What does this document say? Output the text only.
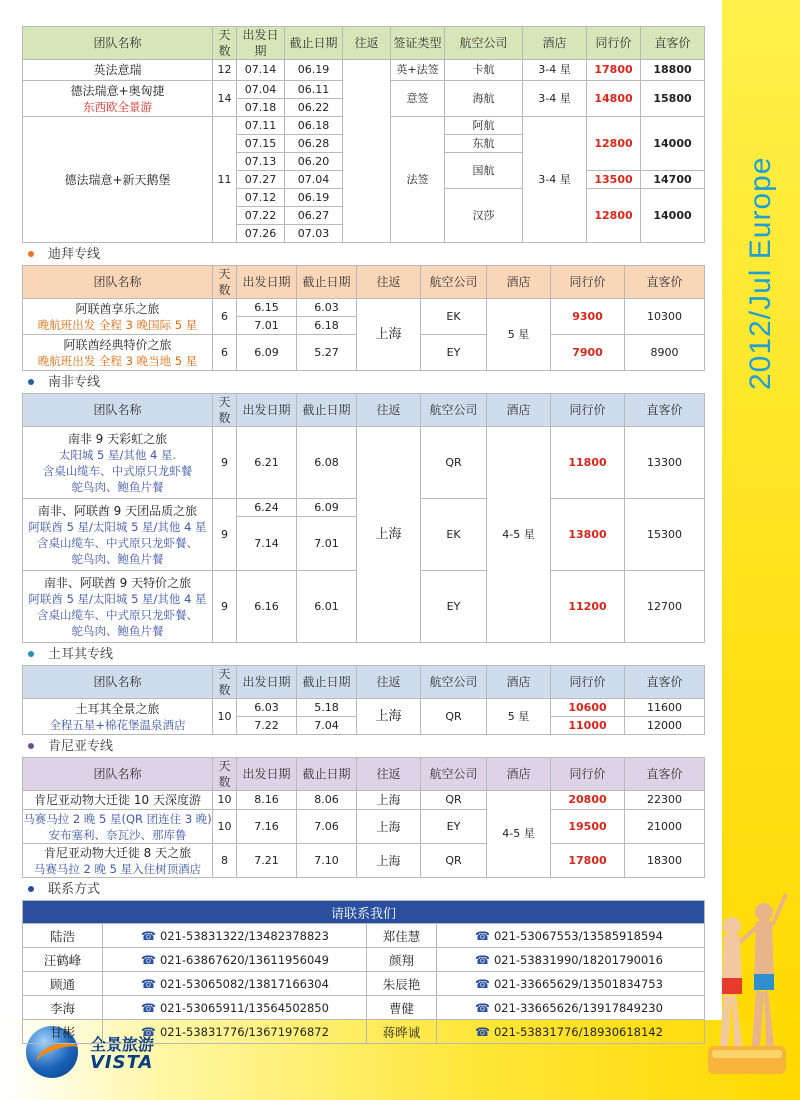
2012/Jul Europe
全景旅游
VISTA
团队名称	天数	出发日期	截止日期	往返	签证类型	航空公司	酒店	同行价	直客价
英法意瑞	12	07.14	06.19		英+法签	卡航	3-4 星	17800	18800

德法瑞意+奥匈捷
东西欧全景游	14	07.04	06.11		意签	海航	3-4 星	14800	15800
		07.18	06.22						
德法瑞意+新天鹅堡	11	07.11	06.18		法签	阿航	3-4 星	12800	14000
		07.15	06.28			东航			
		07.13	06.20			国航			
		07.27	07.04					13500	14700
		07.12	06.19			汉莎		12800	14000
		07.22	06.27						
		07.26	07.03						
迪拜专线
团队名称	天数	出发日期	截止日期	往返	航空公司	酒店	同行价	直客价

阿联酋享乐之旅
晚航班出发 全程 3 晚国际 5 星	6	6.15	6.03	上海	EK	5 星	9300	10300
		7.01	6.18					

阿联酋经典特价之旅
晚航班出发 全程 3 晚当地 5 星	6	6.09	5.27		EY		7900	8900

南非专线
团队名称	天数	出发日期	截止日期	往返	航空公司	酒店	同行价	直客价

南非 9 天彩虹之旅
太阳城 5 星/其他 4 星.
含桌山缆车、中式原只龙虾餐
鸵鸟肉、鲍鱼片餐	9	6.21	6.08	上海	QR	4-5 星	11800	13300

南非、阿联酋 9 天团品质之旅
阿联酋 5 星/太阳城 5 星/其他 4 星
含桌山缆车、中式原只龙虾餐、
鸵鸟肉、鲍鱼片餐	9	6.24	6.09		EK		13800	15300
		7.14	7.01					

南非、阿联酋 9 天特价之旅
阿联酋 5 星/太阳城 5 星/其他 4 星
含桌山缆车、中式原只龙虾餐、
鸵鸟肉、鲍鱼片餐	9	6.16	6.01		EY		11200	12700
土耳其专线
团队名称	天数	出发日期	截止日期	往返	航空公司	酒店	同行价	直客价

土耳其全景之旅
全程五星+棉花堡温泉酒店	10	6.03	5.18	上海	QR	5 星	10600	11600
		7.22	7.04				11000	12000
肯尼亚专线
团队名称	天数	出发日期	截止日期	往返	航空公司	酒店	同行价	直客价
肯尼亚动物大迁徙 10 天深度游	10	8.16	8.06	上海	QR	4-5 星	20800	22300

马赛马拉 2 晚 5 星(QR 团连住 3 晚)
安布塞利、奈瓦沙、那库鲁	10	7.16	7.06	上海	EY		19500	21000

肯尼亚动物大迁徙 8 天之旅
马赛马拉 2 晚 5 星入住树顶酒店	8	7.21	7.10	上海	QR		17800	18300
联系方式
请联系我们			
陆浩	☎ 021-53831322/13482378823	郑佳慧	☎ 021-53067553/13585918594
汪鹤峰	☎ 021-63867620/13611956049	颜翔	☎ 021-53831990/18201790016
顾通	☎ 021-53065082/13817166304	朱辰艳	☎ 021-33665629/13501834753
李海	☎ 021-53065911/13564502850	曹健	☎ 021-33665626/13917849230
甘彬	☎ 021-53831776/13671976872	蒋晔诚	☎ 021-53831776/18930618142
